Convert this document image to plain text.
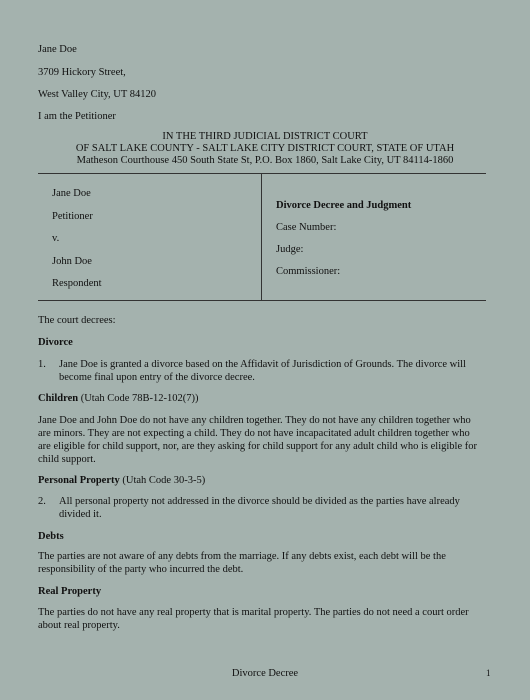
Jane Doe
3709 Hickory Street,
West Valley City, UT 84120
I am the Petitioner
IN THE THIRD JUDICIAL DISTRICT COURT
OF SALT LAKE COUNTY - SALT LAKE CITY DISTRICT COURT, STATE OF UTAH
Matheson Courthouse 450 South State St, P.O. Box 1860, Salt Lake City, UT 84114-1860
Jane Doe
Petitioner
v.
John Doe
Respondent
Divorce Decree and Judgment
Case Number:
Judge:
Commissioner:
The court decrees:
Divorce
1. Jane Doe is granted a divorce based on the Affidavit of Jurisdiction of Grounds. The divorce will
become final upon entry of the divorce decree.
Children (Utah Code 78B-12-102(7))
Jane Doe and John Doe do not have any children together. They do not have any children together who
are minors. They are not expecting a child. They do not have incapacitated adult children together who
are eligible for child support, nor, are they asking for child support for any adult child who is eligible for
child support.
Personal Property (Utah Code 30-3-5)
2. All personal property not addressed in the divorce should be divided as the parties have already
divided it.
Debts
The parties are not aware of any debts from the marriage. If any debts exist, each debt will be the
responsibility of the party who incurred the debt.
Real Property
The parties do not have any real property that is marital property. The parties do not need a court order
about real property.
Divorce Decree	1
